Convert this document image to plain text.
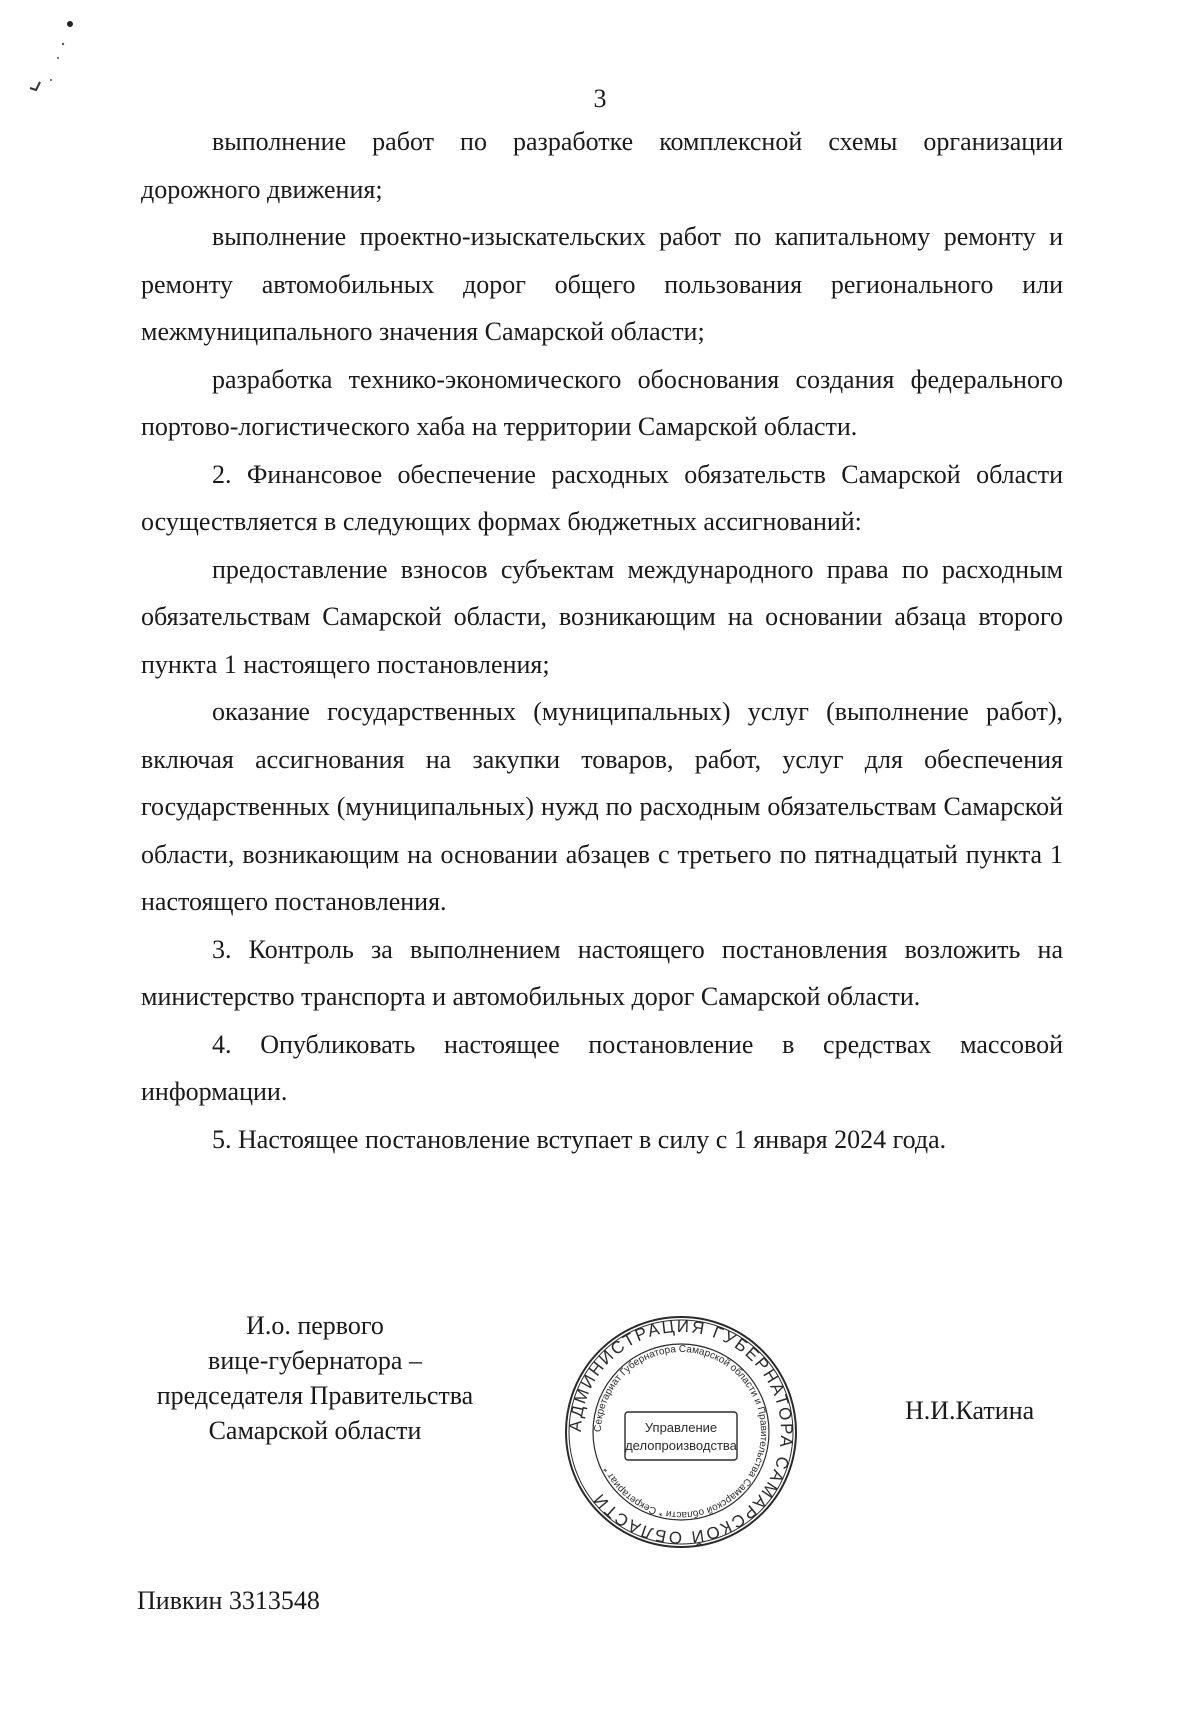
3

выполнение работ по разработке комплексной схемы организации дорожного движения;

выполнение проектно-изыскательских работ по капитальному ремонту и ремонту автомобильных дорог общего пользования регионального или межмуниципального значения Самарской области;

разработка технико-экономического обоснования создания федерального портово-логистического хаба на территории Самарской области.

2. Финансовое обеспечение расходных обязательств Самарской области осуществляется в следующих формах бюджетных ассигнований:

предоставление взносов субъектам международного права по расходным обязательствам Самарской области, возникающим на основании абзаца второго пункта 1 настоящего постановления;

оказание государственных (муниципальных) услуг (выполнение работ), включая ассигнования на закупки товаров, работ, услуг для обеспечения государственных (муниципальных) нужд по расходным обязательствам Самарской области, возникающим на основании абзацев с третьего по пятнадцатый пункта 1 настоящего постановления.

3. Контроль за выполнением настоящего постановления возложить на министерство транспорта и автомобильных дорог Самарской области.

4. Опубликовать настоящее постановление в средствах массовой информации.

5. Настоящее постановление вступает в силу с 1 января 2024 года.

И.о. первого
вице-губернатора –
председателя Правительства
Самарской области	АДМИНИСТРАЦИЯ ГУБЕРНАТОРА САМАРСКОЙ ОБЛАСТИ
Секретариат Губернатора Самарской области и Правительства Самарской области * Секретариат *
Управление
делопроизводства
Н.И.Катина
Пивкин 3313548
